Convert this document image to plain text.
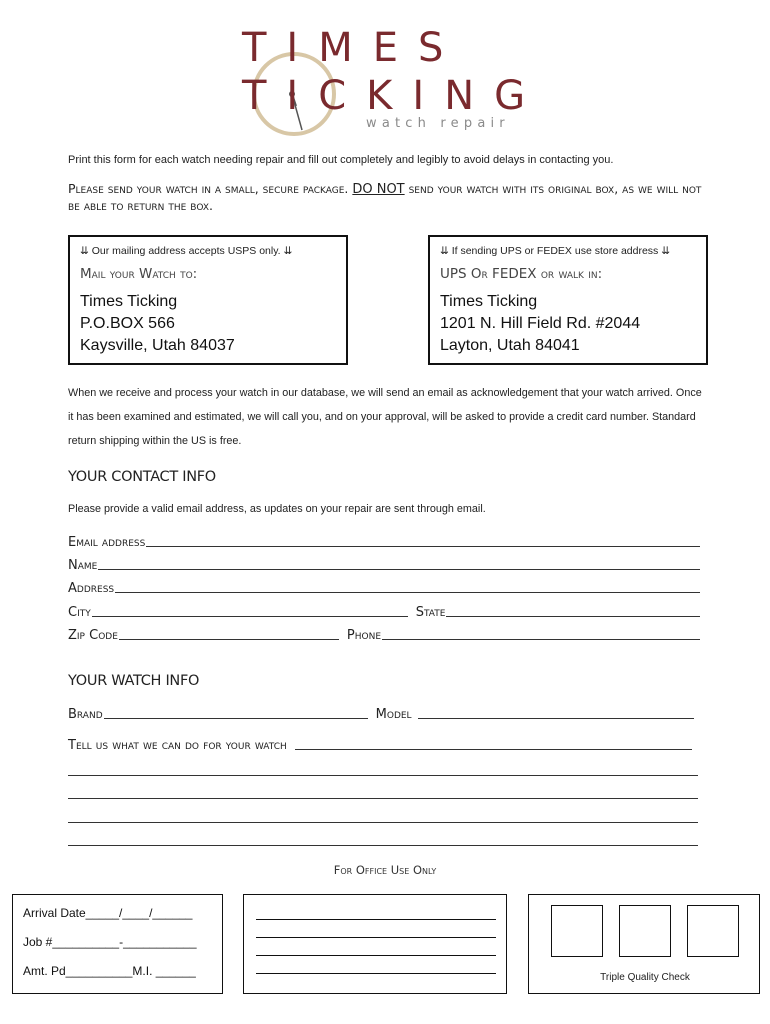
TIMES
TICKING
watch repair
Print this form for each watch needing repair and fill out completely and legibly to avoid delays in contacting you.
Please send your watch in a small, secure package. DO NOT send your watch with its original box, as we will not be able to return the box.
⇊ Our mailing address accepts USPS only. ⇊
Mail your Watch to:
Times Ticking
P.O.BOX 566
Kaysville, Utah 84037
⇊ If sending UPS or FEDEX use store address ⇊
UPS Or FEDEX or walk in:
Times Ticking
1201 N. Hill Field Rd. #2044
Layton, Utah 84041
When we receive and process your watch in our database, we will send an email as acknowledgement that your watch arrived. Once it has been examined and estimated, we will call you, and on your approval, will be asked to provide a credit card number. Standard return shipping within the US is free.
YOUR CONTACT INFO
Please provide a valid email address, as updates on your repair are sent through email.
Email address
Name
Address
City	State
Zip Code	Phone
YOUR WATCH INFO
Brand	Model
Tell us what we can do for your watch
For Office Use Only
Arrival Date_____/____/______
Job #__________-___________
Amt. Pd__________M.I. ______	Triple Quality Check
